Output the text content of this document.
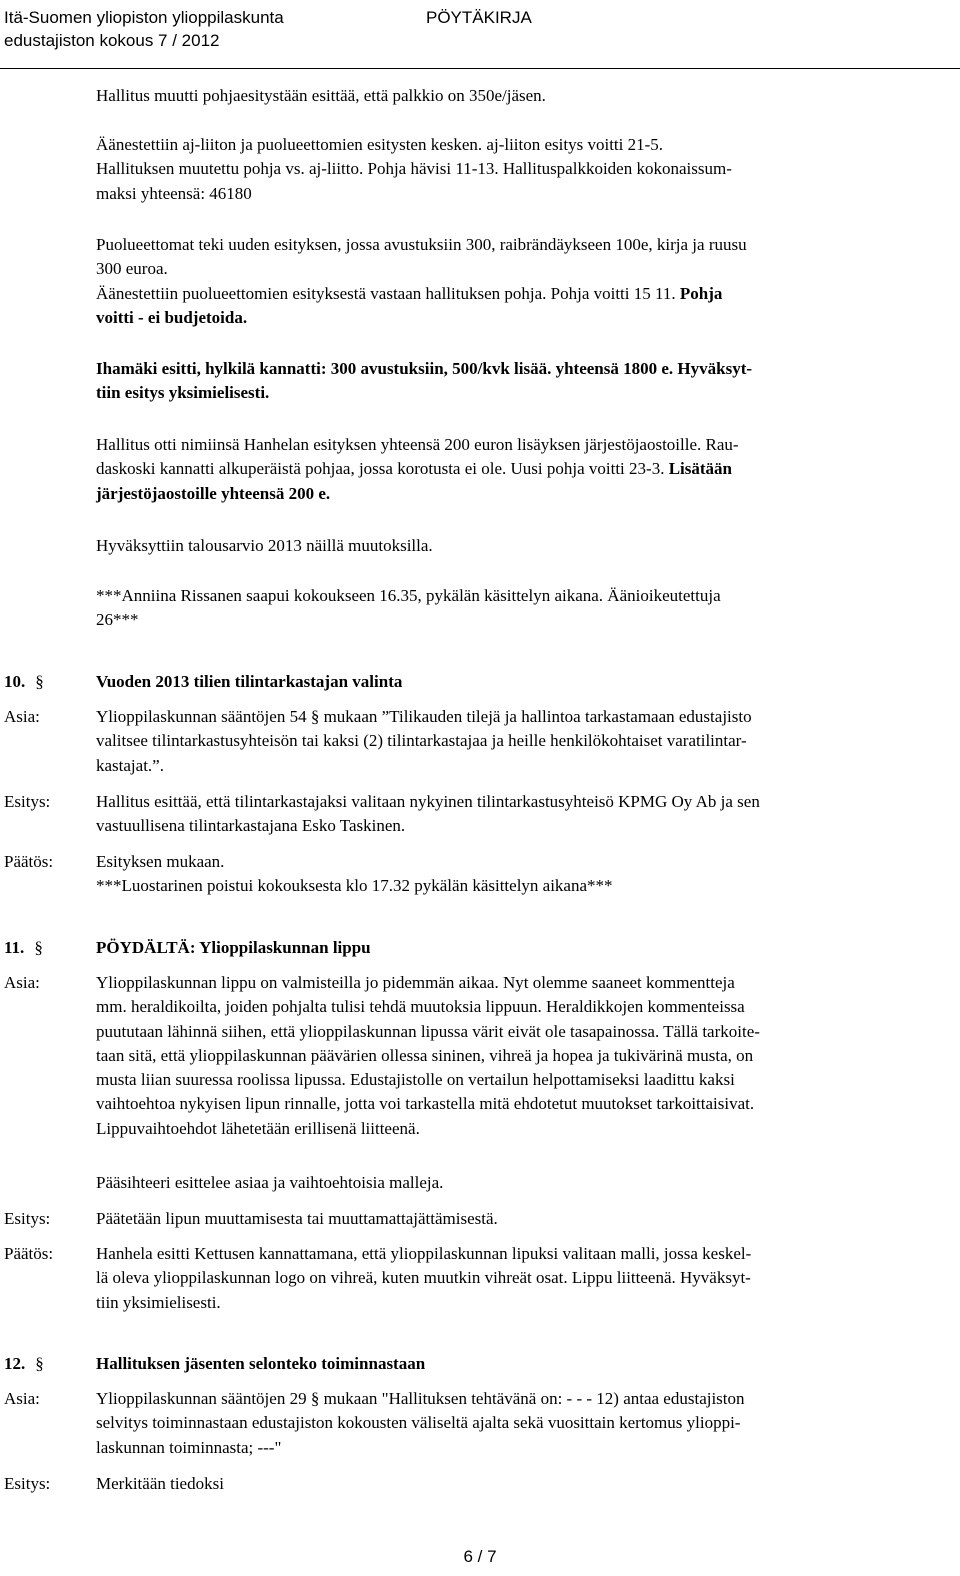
Itä-Suomen yliopiston ylioppilaskunta
edustajiston kokous 7 / 2012
PÖYTÄKIRJA

Hallitus muutti pohjaesitystään esittää, että palkkio on 350e/jäsen.

Äänestettiin aj-liiton ja puolueettomien esitysten kesken. aj-liiton esitys voitti 21-5.
Hallituksen muutettu pohja vs. aj-liitto. Pohja hävisi 11-13. Hallituspalkkoiden kokonaissum-
maksi yhteensä: 46180

Puolueettomat teki uuden esityksen, jossa avustuksiin 300, raibrändäykseen 100e, kirja ja ruusu
300 euroa.
Äänestettiin puolueettomien esityksestä vastaan hallituksen pohja. Pohja voitti 15 11. Pohja
voitti - ei budjetoida.

Ihamäki esitti, hylkilä kannatti: 300 avustuksiin, 500/kvk lisää. yhteensä 1800 e. Hyväksyt-
tiin esitys yksimielisesti.

Hallitus otti nimiinsä Hanhelan esityksen yhteensä 200 euron lisäyksen järjestöjaostoille. Rau-
daskoski kannatti alkuperäistä pohjaa, jossa korotusta ei ole. Uusi pohja voitti 23-3. Lisätään
järjestöjaostoille yhteensä 200 e.

Hyväksyttiin talousarvio 2013 näillä muutoksilla.

***Anniina Rissanen saapui kokoukseen 16.35, pykälän käsittelyn aikana. Äänioikeutettuja
26***

10. §	Vuoden 2013 tilien tilintarkastajan valinta
Asia:	Ylioppilaskunnan sääntöjen 54 § mukaan ”Tilikauden tilejä ja hallintoa tarkastamaan edustajisto
valitsee tilintarkastusyhteisön tai kaksi (2) tilintarkastajaa ja heille henkilökohtaiset varatilintar-
kastajat.”.

Esitys:	Hallitus esittää, että tilintarkastajaksi valitaan nykyinen tilintarkastusyhteisö KPMG Oy Ab ja sen
vastuullisena tilintarkastajana Esko Taskinen.

Päätös:	Esityksen mukaan.
***Luostarinen poistui kokouksesta klo 17.32 pykälän käsittelyn aikana***

11. §	PÖYDÄLTÄ: Ylioppilaskunnan lippu
Asia:	Ylioppilaskunnan lippu on valmisteilla jo pidemmän aikaa. Nyt olemme saaneet kommentteja
mm. heraldikoilta, joiden pohjalta tulisi tehdä muutoksia lippuun. Heraldikkojen kommenteissa
puututaan lähinnä siihen, että ylioppilaskunnan lipussa värit eivät ole tasapainossa. Tällä tarkoite-
taan sitä, että ylioppilaskunnan päävärien ollessa sininen, vihreä ja hopea ja tukivärinä musta, on
musta liian suuressa roolissa lipussa. Edustajistolle on vertailun helpottamiseksi laadittu kaksi
vaihtoehtoa nykyisen lipun rinnalle, jotta voi tarkastella mitä ehdotetut muutokset tarkoittaisivat.
Lippuvaihtoehdot lähetetään erillisenä liitteenä.

Pääsihteeri esittelee asiaa ja vaihtoehtoisia malleja.

Esitys:	Päätetään lipun muuttamisesta tai muuttamattajättämisestä.

Päätös:	Hanhela esitti Kettusen kannattamana, että ylioppilaskunnan lipuksi valitaan malli, jossa keskel-
lä oleva ylioppilaskunnan logo on vihreä, kuten muutkin vihreät osat. Lippu liitteenä. Hyväksyt-
tiin yksimielisesti.

12. §	Hallituksen jäsenten selonteko toiminnastaan
Asia:	Ylioppilaskunnan sääntöjen 29 § mukaan "Hallituksen tehtävänä on: - - - 12) antaa edustajiston
selvitys toiminnastaan edustajiston kokousten väliseltä ajalta sekä vuosittain kertomus ylioppi-
laskunnan toiminnasta; ---"

Esitys:	Merkitään tiedoksi

6 / 7
